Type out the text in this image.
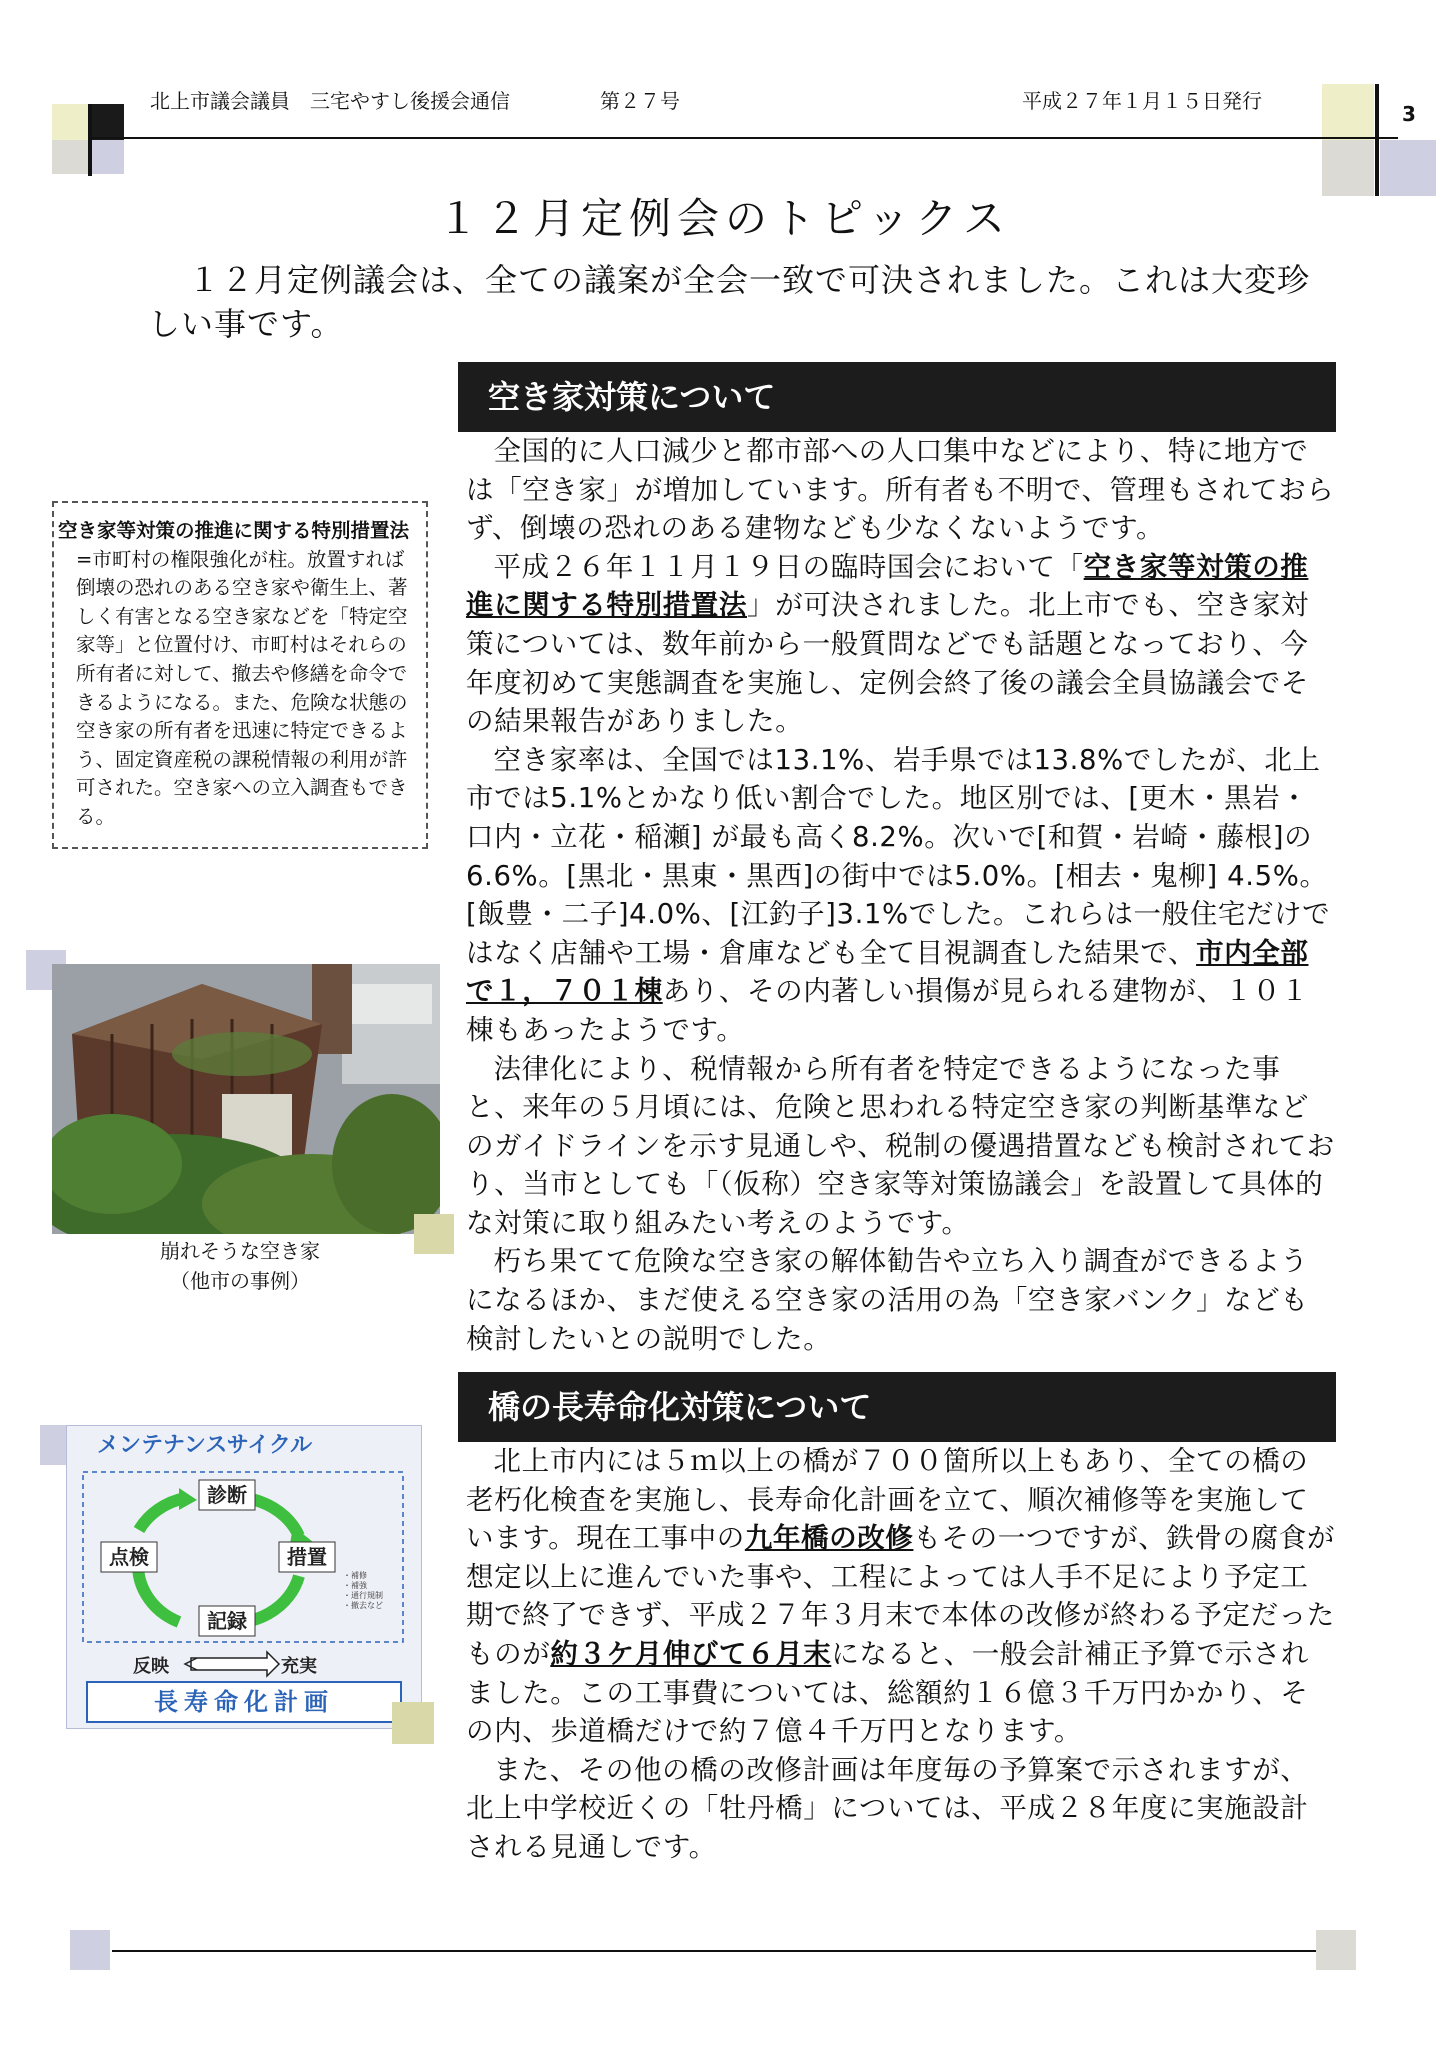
3
北上市議会議員　三宅やすし後援会通信	第２７号	平成２７年１月１５日発行
１２月定例会のトピックス

１２月定例議会は、全ての議案が全会一致で可決されました。これは大変珍

しい事です。

空き家対策について

全国的に人口減少と都市部への人口集中などにより、特に地方では「空き家」が増加しています。所有者も不明で、管理もされておらず、倒壊の恐れのある建物なども少なくないようです。

平成２６年１１月１９日の臨時国会において「空き家等対策の推進に関する特別措置法」が可決されました。北上市でも、空き家対策については、数年前から一般質問などでも話題となっており、今年度初めて実態調査を実施し、定例会終了後の議会全員協議会でその結果報告がありました。

空き家率は、全国では13.1%、岩手県では13.8%でしたが、北上市では5.1%とかなり低い割合でした。地区別では、[更木・黒岩・口内・立花・稲瀬] が最も高く8.2%。次いで[和賀・岩崎・藤根]の6.6%。[黒北・黒東・黒西]の街中では5.0%。[相去・鬼柳] 4.5%。[飯豊・二子]4.0%、[江釣子]3.1%でした。これらは一般住宅だけではなく店舗や工場・倉庫なども全て目視調査した結果で、市内全部で１，７０１棟あり、その内著しい損傷が見られる建物が、１０１棟もあったようです。

法律化により、税情報から所有者を特定できるようになった事と、来年の５月頃には、危険と思われる特定空き家の判断基準などのガイドラインを示す見通しや、税制の優遇措置なども検討されており、当市としても「（仮称）空き家等対策協議会」を設置して具体的な対策に取り組みたい考えのようです。

朽ち果てて危険な空き家の解体勧告や立ち入り調査ができるようになるほか、まだ使える空き家の活用の為「空き家バンク」なども検討したいとの説明でした。

空き家等対策の推進に関する特別措置法=市町村の権限強化が柱。放置すれば倒壊の恐れのある空き家や衛生上、著しく有害となる空き家などを「特定空家等」と位置付け、市町村はそれらの所有者に対して、撤去や修繕を命令できるようになる。また、危険な状態の空き家の所有者を迅速に特定できるよう、固定資産税の課税情報の利用が許可された。空き家への立入調査もできる。
崩れそうな空き家
（他市の事例）
橋の長寿命化対策について

北上市内には５ｍ以上の橋が７００箇所以上もあり、全ての橋の老朽化検査を実施し、長寿命化計画を立て、順次補修等を実施しています。現在工事中の九年橋の改修もその一つですが、鉄骨の腐食が想定以上に進んでいた事や、工程によっては人手不足により予定工期で終了できず、平成２７年３月末で本体の改修が終わる予定だったものが約３ケ月伸びて６月末になると、一般会計補正予算で示されました。この工事費については、総額約１６億３千万円かかり、その内、歩道橋だけで約７億４千万円となります。

また、その他の橋の改修計画は年度毎の予算案で示されますが、北上中学校近くの「牡丹橋」については、平成２８年度に実施設計される見通しです。

メンテナンスサイクル
診断
措置
記録
点検
・補修
・補強
・通行規制
・撤去など
反映	充実
長寿命化計画
